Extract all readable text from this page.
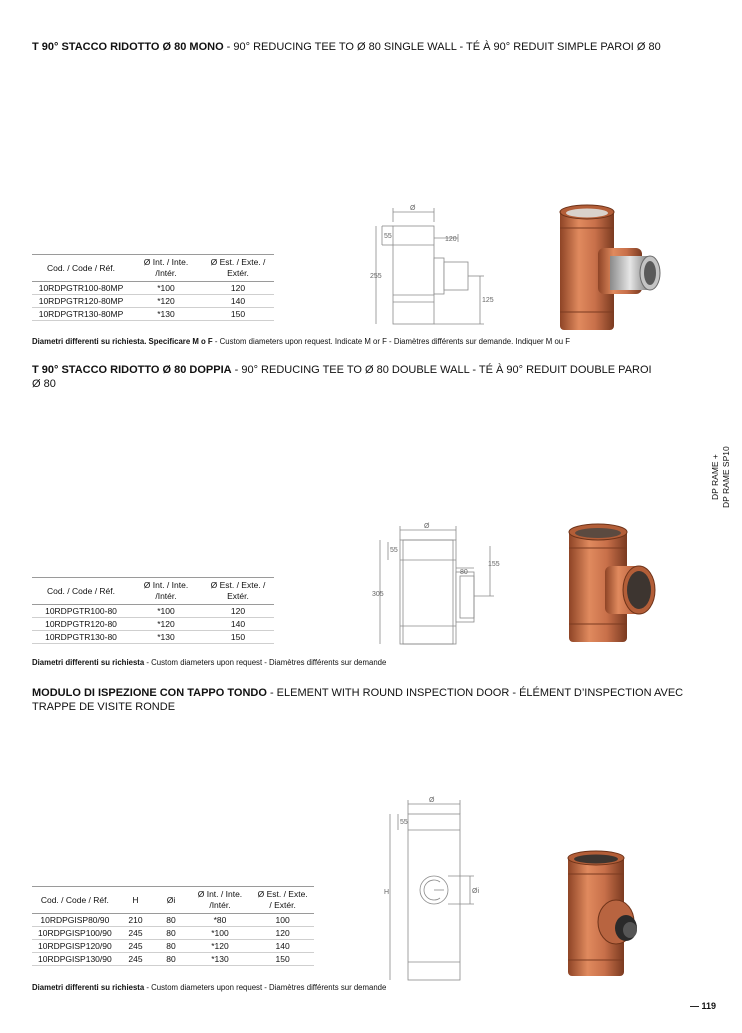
T 90° STACCO RIDOTTO Ø 80 MONO - 90° REDUCING TEE TO Ø 80 SINGLE WALL - TÉ À 90° REDUIT SIMPLE PAROI Ø 80
Cod. / Code / Réf.	Ø Int. / Inte. /Intér.	Ø Est. / Exte. / Extér.
10RDPGTR100-80MP	*100	120
10RDPGTR120-80MP	*120	140
10RDPGTR130-80MP	*130	150
Ø
55	120
255
125
Diametri differenti su richiesta. Specificare M o F - Custom diameters upon request. Indicate M or F - Diamètres différents sur demande. Indiquer M ou F
T 90° STACCO RIDOTTO Ø 80 DOPPIA - 90° REDUCING TEE TO Ø 80 DOUBLE WALL - TÉ À 90° REDUIT DOUBLE PAROI Ø 80
Cod. / Code / Réf.	Ø Int. / Inte. /Intér.	Ø Est. / Exte. / Extér.
10RDPGTR100-80	*100	120
10RDPGTR120-80	*120	140
10RDPGTR130-80	*130	150
Ø
55
80
305
155
Diametri differenti su richiesta - Custom diameters upon request - Diamètres différents sur demande
MODULO DI ISPEZIONE CON TAPPO TONDO - ELEMENT WITH ROUND INSPECTION DOOR - ÉLÉMENT D’INSPECTION AVEC TRAPPE DE VISITE RONDE
Cod. / Code / Réf.	H	Øi	Ø Int. / Inte. /Intér.	Ø Est. / Exte. / Extér.
10RDPGISP80/90	210	80	*80	100
10RDPGISP100/90	245	80	*100	120
10RDPGISP120/90	245	80	*120	140
10RDPGISP130/90	245	80	*130	150
Ø
55
H	Øi
Diametri differenti su richiesta - Custom diameters upon request - Diamètres différents sur demande
DP RAME + DP RAME SP10
— 119
